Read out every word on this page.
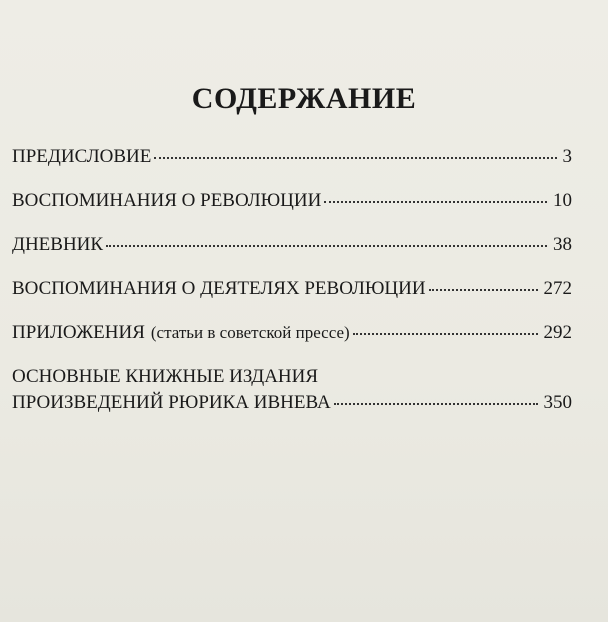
СОДЕРЖАНИЕ
ПРЕДИСЛОВИЕ	3
ВОСПОМИНАНИЯ О РЕВОЛЮЦИИ	10
ДНЕВНИК	38
ВОСПОМИНАНИЯ О ДЕЯТЕЛЯХ РЕВОЛЮЦИИ	272
ПРИЛОЖЕНИЯ (статьи в советской прессе)	292
ОСНОВНЫЕ КНИЖНЫЕ ИЗДАНИЯ
ПРОИЗВЕДЕНИЙ РЮРИКА ИВНЕВА	350
